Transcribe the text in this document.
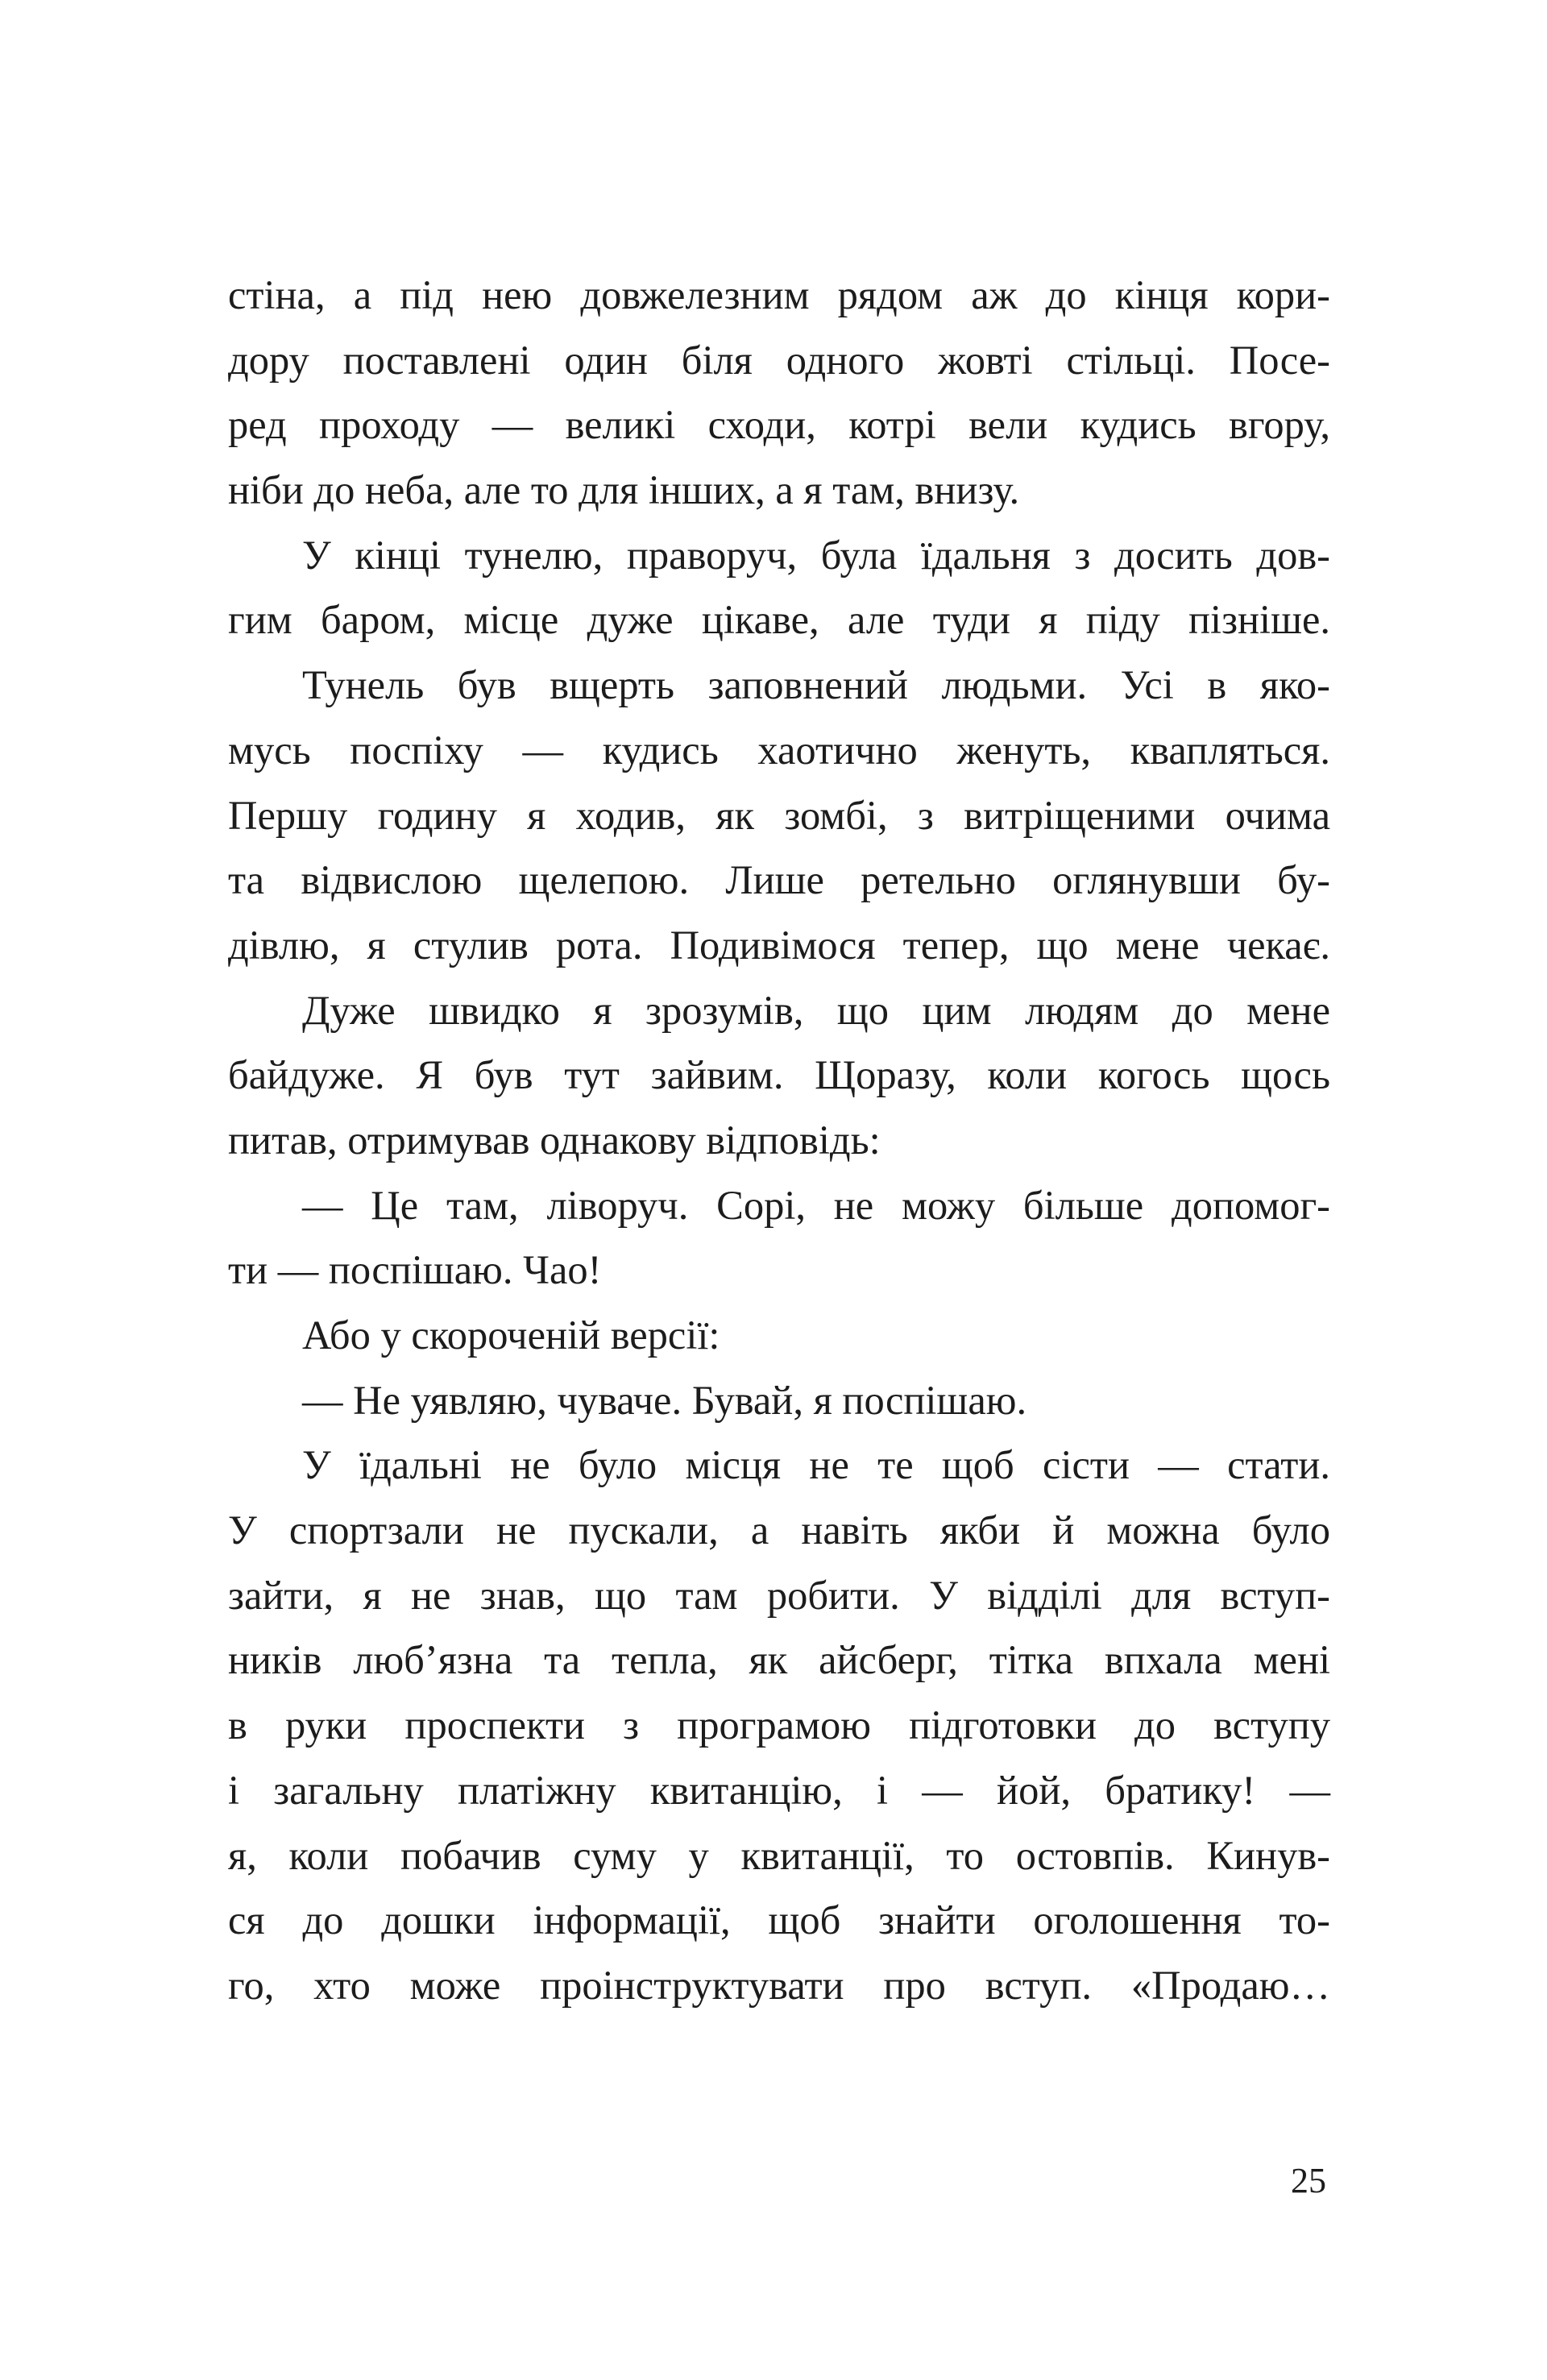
стіна, а під нею довжелезним рядом аж до кінця кори-
дору поставлені один біля одного жовті стільці. Посе-
ред проходу — великі сходи, котрі вели кудись вгору,
ніби до неба, але то для інших, а я там, внизу.
У кінці тунелю, праворуч, була їдальня з досить дов-
гим баром, місце дуже цікаве, але туди я піду пізніше.
Тунель був вщерть заповнений людьми. Усі в яко-
мусь поспіху — кудись хаотично женуть, квапляться.
Першу годину я ходив, як зомбі, з витріщеними очима
та відвислою щелепою. Лише ретельно оглянувши бу-
дівлю, я стулив рота. Подивімося тепер, що мене чекає.
Дуже швидко я зрозумів, що цим людям до мене
байдуже. Я був тут зайвим. Щоразу, коли когось щось
питав, отримував однакову відповідь:
— Це там, ліворуч. Сорі, не можу більше допомог-
ти — поспішаю. Чао!
Або у скороченій версії:
— Не уявляю, чуваче. Бувай, я поспішаю.
У їдальні не було місця не те щоб сісти — стати.
У спортзали не пускали, а навіть якби й можна було
зайти, я не знав, що там робити. У відділі для вступ-
ників люб’язна та тепла, як айсберг, тітка впхала мені
в руки проспекти з програмою підготовки до вступу
і загальну платіжну квитанцію, і — йой, братику! —
я, коли побачив суму у квитанції, то остовпів. Кинув-
ся до дошки інформації, щоб знайти оголошення то-
го, хто може проінструктувати про вступ. «Продаю…
25
